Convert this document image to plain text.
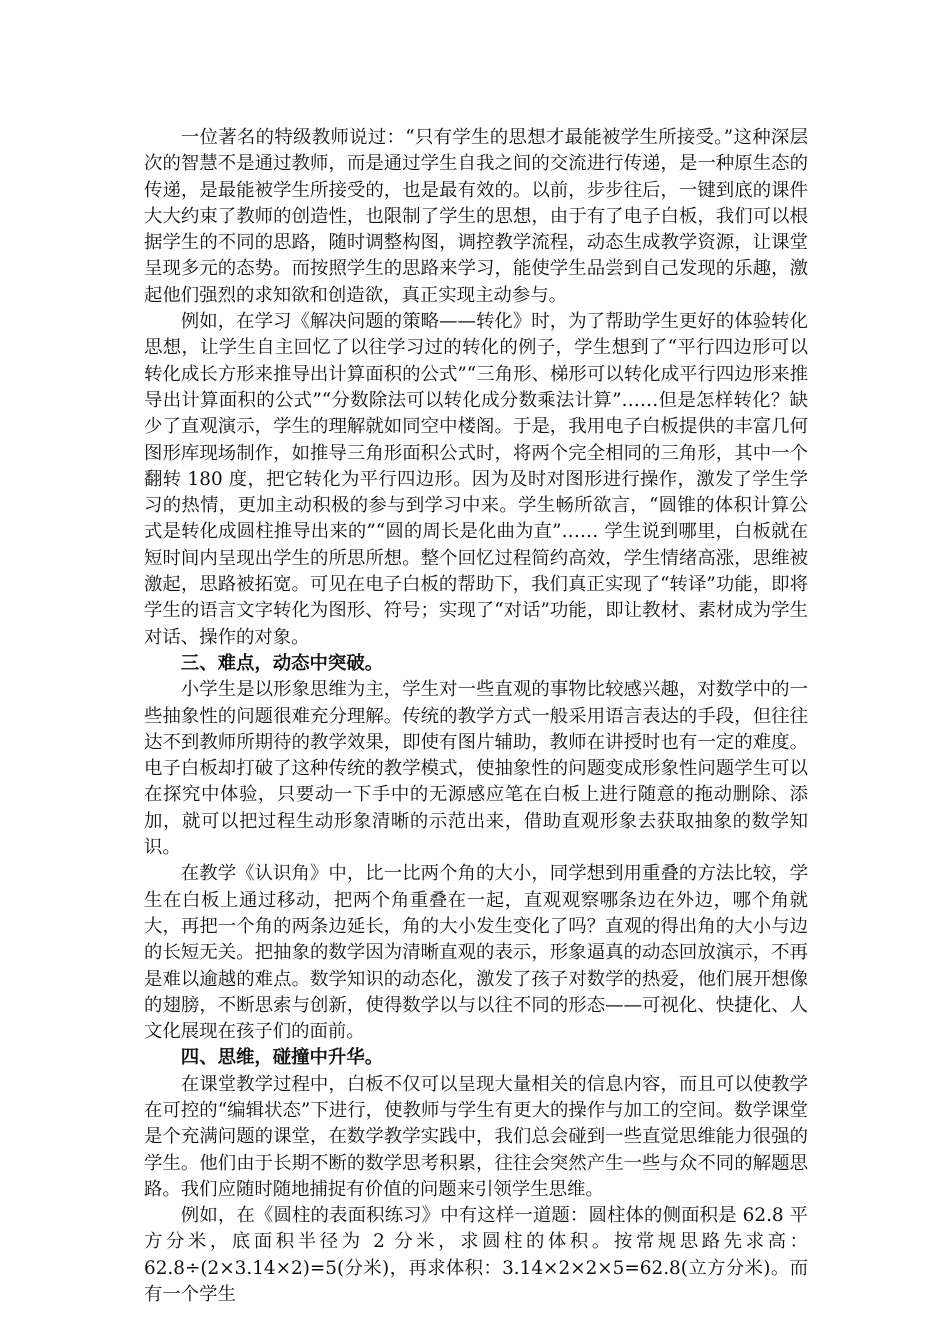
一位著名的特级教师说过：“只有学生的思想才最能被学生所接受。”这种深层次的智慧不是通过教师，而是通过学生自我之间的交流进行传递，是一种原生态的传递，是最能被学生所接受的，也是最有效的。以前，步步往后，一键到底的课件大大约束了教师的创造性，也限制了学生的思想，由于有了电子白板，我们可以根据学生的不同的思路，随时调整构图，调控教学流程，动态生成教学资源，让课堂呈现多元的态势。而按照学生的思路来学习，能使学生品尝到自己发现的乐趣，激起他们强烈的求知欲和创造欲，真正实现主动参与。

例如，在学习《解决问题的策略——转化》时，为了帮助学生更好的体验转化思想，让学生自主回忆了以往学习过的转化的例子，学生想到了“平行四边形可以转化成长方形来推导出计算面积的公式”“三角形、梯形可以转化成平行四边形来推导出计算面积的公式”“分数除法可以转化成分数乘法计算”……但是怎样转化？缺少了直观演示，学生的理解就如同空中楼阁。于是，我用电子白板提供的丰富几何图形库现场制作，如推导三角形面积公式时，将两个完全相同的三角形，其中一个翻转 180 度，把它转化为平行四边形。因为及时对图形进行操作，激发了学生学习的热情，更加主动积极的参与到学习中来。学生畅所欲言，“圆锥的体积计算公式是转化成圆柱推导出来的”“圆的周长是化曲为直”…… 学生说到哪里，白板就在短时间内呈现出学生的所思所想。整个回忆过程简约高效，学生情绪高涨，思维被激起，思路被拓宽。可见在电子白板的帮助下，我们真正实现了“转译”功能，即将学生的语言文字转化为图形、符号；实现了“对话”功能，即让教材、素材成为学生对话、操作的对象。

三、难点，动态中突破。

小学生是以形象思维为主，学生对一些直观的事物比较感兴趣，对数学中的一些抽象性的问题很难充分理解。传统的教学方式一般采用语言表达的手段，但往往达不到教师所期待的教学效果，即使有图片辅助，教师在讲授时也有一定的难度。电子白板却打破了这种传统的教学模式，使抽象性的问题变成形象性问题学生可以在探究中体验，只要动一下手中的无源感应笔在白板上进行随意的拖动删除、添加，就可以把过程生动形象清晰的示范出来，借助直观形象去获取抽象的数学知识。

在教学《认识角》中，比一比两个角的大小，同学想到用重叠的方法比较，学生在白板上通过移动，把两个角重叠在一起，直观观察哪条边在外边，哪个角就大，再把一个角的两条边延长，角的大小发生变化了吗？直观的得出角的大小与边的长短无关。把抽象的数学因为清晰直观的表示，形象逼真的动态回放演示，不再是难以逾越的难点。数学知识的动态化，激发了孩子对数学的热爱，他们展开想像的翅膀，不断思索与创新，使得数学以与以往不同的形态——可视化、快捷化、人文化展现在孩子们的面前。

四、思维，碰撞中升华。

在课堂教学过程中，白板不仅可以呈现大量相关的信息内容，而且可以使教学在可控的“编辑状态”下进行，使教师与学生有更大的操作与加工的空间。数学课堂是个充满问题的课堂，在数学教学实践中，我们总会碰到一些直觉思维能力很强的学生。他们由于长期不断的数学思考积累，往往会突然产生一些与众不同的解题思路。我们应随时随地捕捉有价值的问题来引领学生思维。

例如，在《圆柱的表面积练习》中有这样一道题：圆柱体的侧面积是 62.8 平方分米，底面积半径为 2 分米，求圆柱的体积。按常规思路先求高：62.8÷(2×3.14×2)=5(分米)，再求体积：3.14×2×2×5=62.8(立方分米)。而有一个学生
